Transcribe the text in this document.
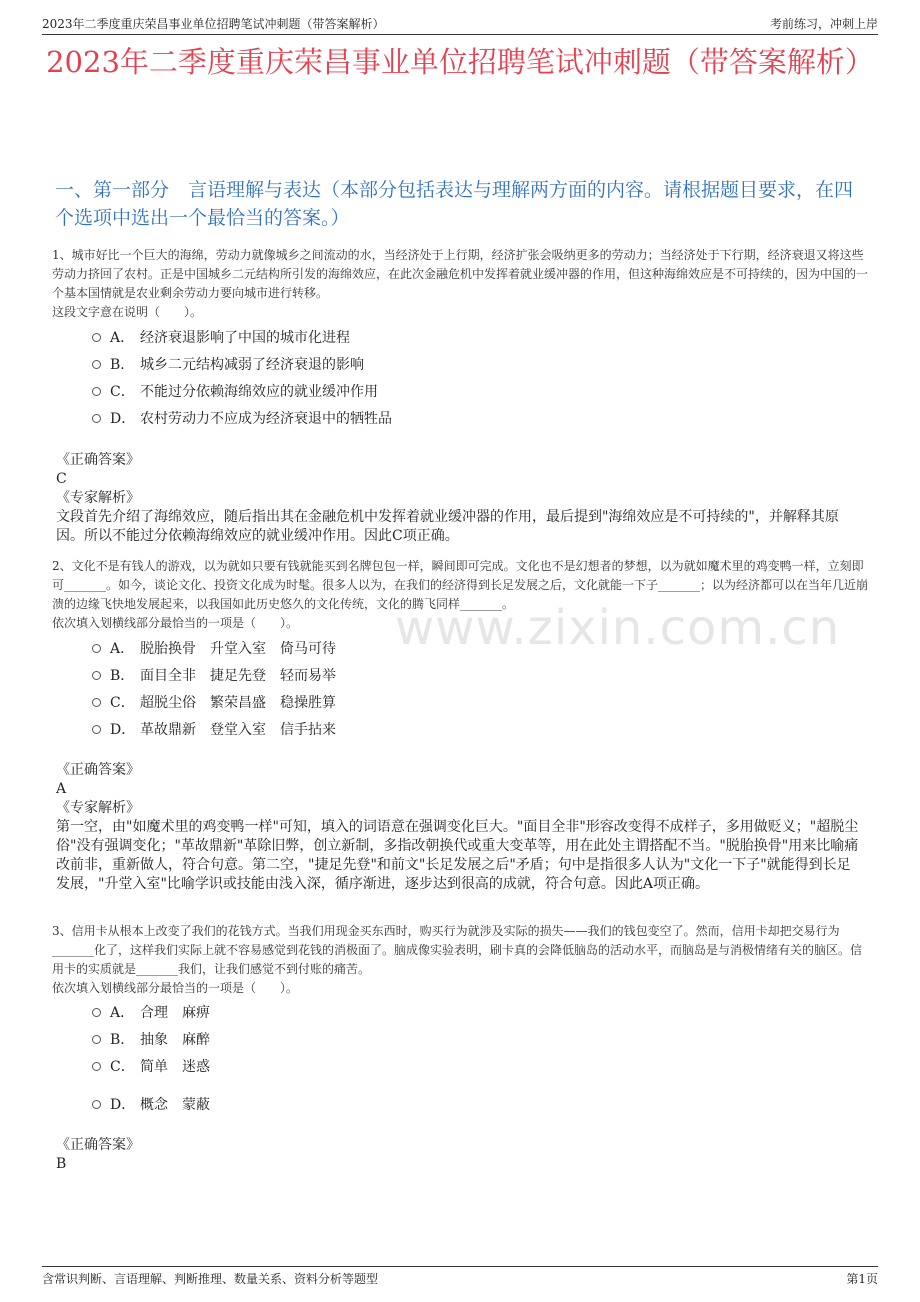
2023年二季度重庆荣昌事业单位招聘笔试冲刺题（带答案解析）	考前练习，冲刺上岸
2023年二季度重庆荣昌事业单位招聘笔试冲刺题（带答案解析）
一、第一部分　言语理解与表达（本部分包括表达与理解两方面的内容。请根据题目要求，在四个选项中选出一个最恰当的答案。）
www.zixin.com.cn

1、城市好比一个巨大的海绵，劳动力就像城乡之间流动的水，当经济处于上行期，经济扩张会吸纳更多的劳动力；当经济处于下行期，经济衰退又将这些劳动力挤回了农村。正是中国城乡二元结构所引发的海绵效应，在此次金融危机中发挥着就业缓冲器的作用，但这种海绵效应是不可持续的，因为中国的一个基本国情就是农业剩余劳动力要向城市进行转移。

这段文字意在说明（　　）。

A． 经济衰退影响了中国的城市化进程
B． 城乡二元结构减弱了经济衰退的影响
C． 不能过分依赖海绵效应的就业缓冲作用
D． 农村劳动力不应成为经济衰退中的牺牲品
《正确答案》
C
《专家解析》
文段首先介绍了海绵效应，随后指出其在金融危机中发挥着就业缓冲器的作用，最后提到"海绵效应是不可持续的"，并解释其原因。所以不能过分依赖海绵效应的就业缓冲作用。因此C项正确。

2、文化不是有钱人的游戏，以为就如只要有钱就能买到名牌包包一样，瞬间即可完成。文化也不是幻想者的梦想，以为就如魔术里的鸡变鸭一样，立刻即可_______。如今，谈论文化、投资文化成为时髦。很多人以为，在我们的经济得到长足发展之后，文化就能一下子_______；以为经济都可以在当年几近崩溃的边缘飞快地发展起来，以我国如此历史悠久的文化传统，文化的腾飞同样_______。

依次填入划横线部分最恰当的一项是（　　）。

A． 脱胎换骨　升堂入室　倚马可待
B． 面目全非　捷足先登　轻而易举
C． 超脱尘俗　繁荣昌盛　稳操胜算
D． 革故鼎新　登堂入室　信手拈来
《正确答案》
A
《专家解析》
第一空，由"如魔术里的鸡变鸭一样"可知，填入的词语意在强调变化巨大。"面目全非"形容改变得不成样子，多用做贬义；"超脱尘俗"没有强调变化；"革故鼎新"革除旧弊，创立新制，多指改朝换代或重大变革等，用在此处主谓搭配不当。"脱胎换骨"用来比喻痛改前非，重新做人，符合句意。第二空，"捷足先登"和前文"长足发展之后"矛盾；句中是指很多人认为"文化一下子"就能得到长足发展，"升堂入室"比喻学识或技能由浅入深，循序渐进，逐步达到很高的成就，符合句意。因此A项正确。

3、信用卡从根本上改变了我们的花钱方式。当我们用现金买东西时，购买行为就涉及实际的损失——我们的钱包变空了。然而，信用卡却把交易行为_______化了，这样我们实际上就不容易感觉到花钱的消极面了。脑成像实验表明，刷卡真的会降低脑岛的活动水平，而脑岛是与消极情绪有关的脑区。信用卡的实质就是_______我们，让我们感觉不到付账的痛苦。

依次填入划横线部分最恰当的一项是（　　）。

A． 合理　麻痹
B． 抽象　麻醉
C． 简单　迷惑
D． 概念　蒙蔽
《正确答案》
B
含常识判断、言语理解、判断推理、数量关系、资料分析等题型	第1页
